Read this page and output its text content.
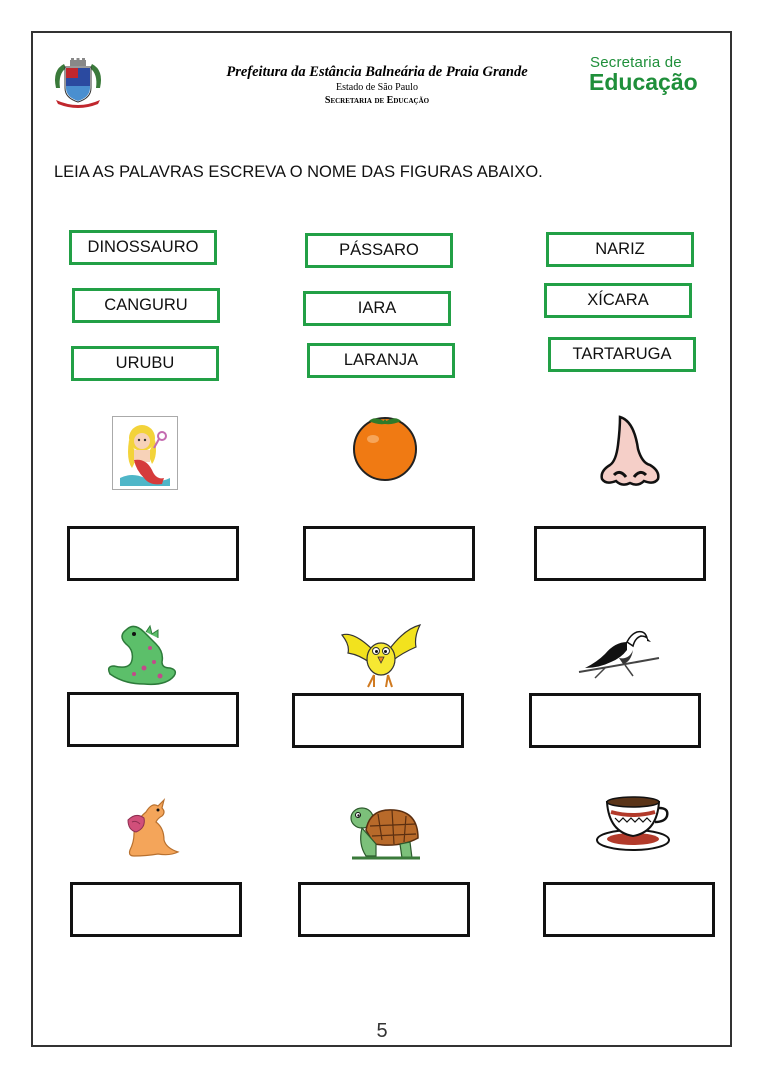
Prefeitura da Estância Balneária de Praia Grande
Estado de São Paulo
Secretaria de Educação
Secretaria de
Educação
LEIA AS PALAVRAS ESCREVA O NOME DAS FIGURAS ABAIXO.
DINOSSAURO	PÁSSARO	NARIZ
CANGURU	IARA	XÍCARA
URUBU	LARANJA	TARTARUGA
5
